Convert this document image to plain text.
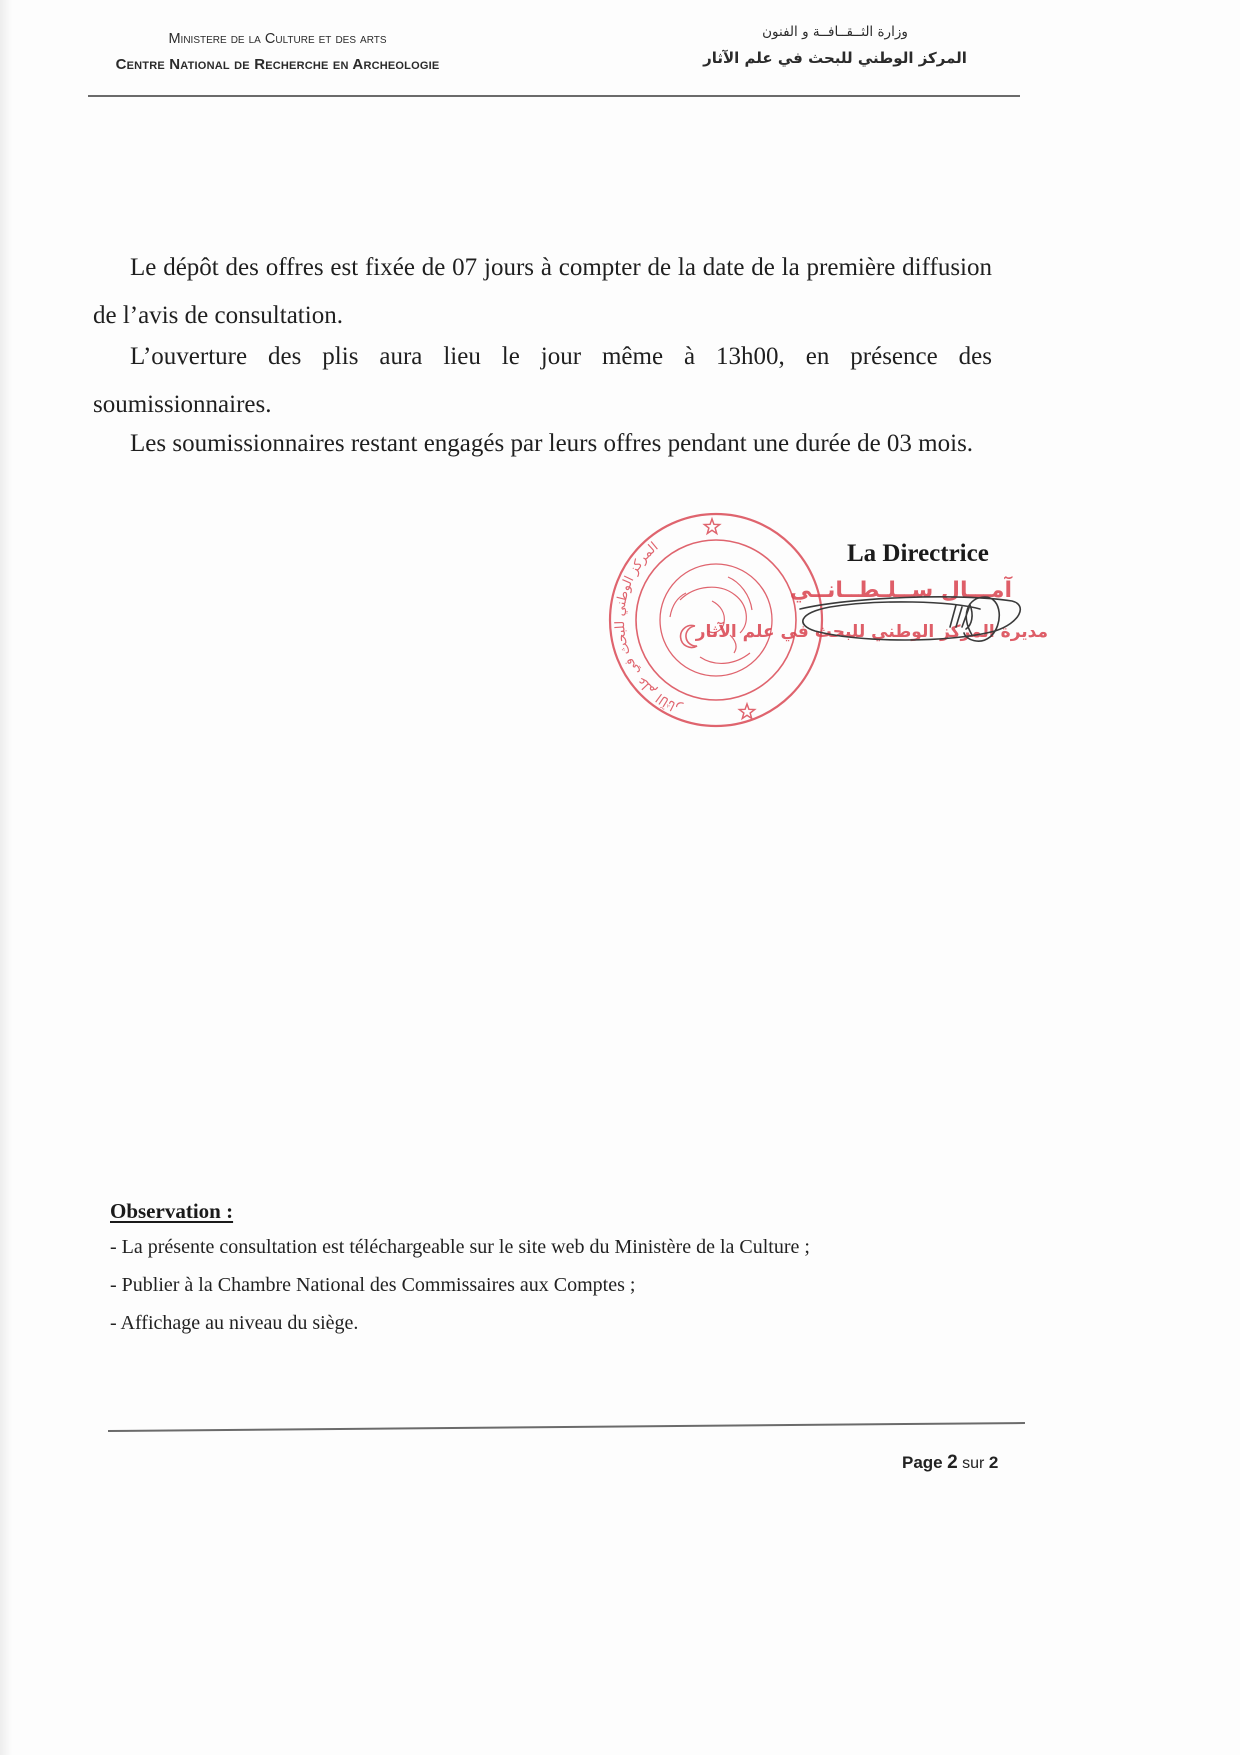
Ministere de la Culture et des arts
Centre National de Recherche en Archeologie
وزارة الثــقــافــة و الفنون
المركز الوطني للبحث في علم الآثار
Le dépôt des offres est fixée de 07 jours à compter de la date de la première diffusion
de l’avis de consultation.
L’ouverture des plis aura lieu le jour même à 13h00, en présence des
soumissionnaires.
Les soumissionnaires restant engagés par leurs offres pendant une durée de 03 mois.
La Directrice
آمـــال ســلـطــانــي
مديرة المركز الوطني للبحث في علم الآثار
المركز الوطني للبحث في علم الآثار
Observation :
- La présente consultation est téléchargeable sur le site web du Ministère de la Culture ;
- Publier à la Chambre National des Commissaires aux Comptes ;
- Affichage au niveau du siège.
Page 2 sur 2
